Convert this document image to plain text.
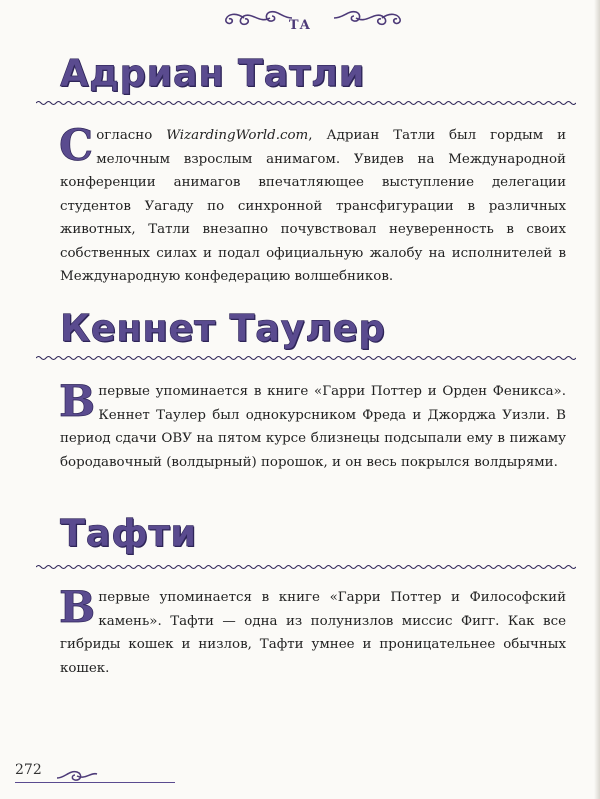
ТА
Адриан Татли
Согласно WizardingWorld.com, Адриан Татли был гордым и мелочным взрослым анимагом. Увидев на Международной конференции анимагов впечатляющее выступление делегации студентов Уагаду по синхронной трансфигурации в различных животных, Татли внезапно почувствовал неуверенность в своих собственных силах и подал официальную жалобу на исполнителей в Международную конфедерацию волшебников.
Кеннет Таулер
Впервые упоминается в книге «Гарри Поттер и Орден Феникса». Кеннет Таулер был однокурсником Фреда и Джорджа Уизли. В период сдачи ОВУ на пятом курсе близнецы подсыпали ему в пижаму бородавочный (волдырный) порошок, и он весь покрылся волдырями.
Тафти
Впервые упоминается в книге «Гарри Поттер и Философский камень». Тафти — одна из полунизлов миссис Фигг. Как все гибриды кошек и низлов, Тафти умнее и проницательнее обычных кошек.
272
